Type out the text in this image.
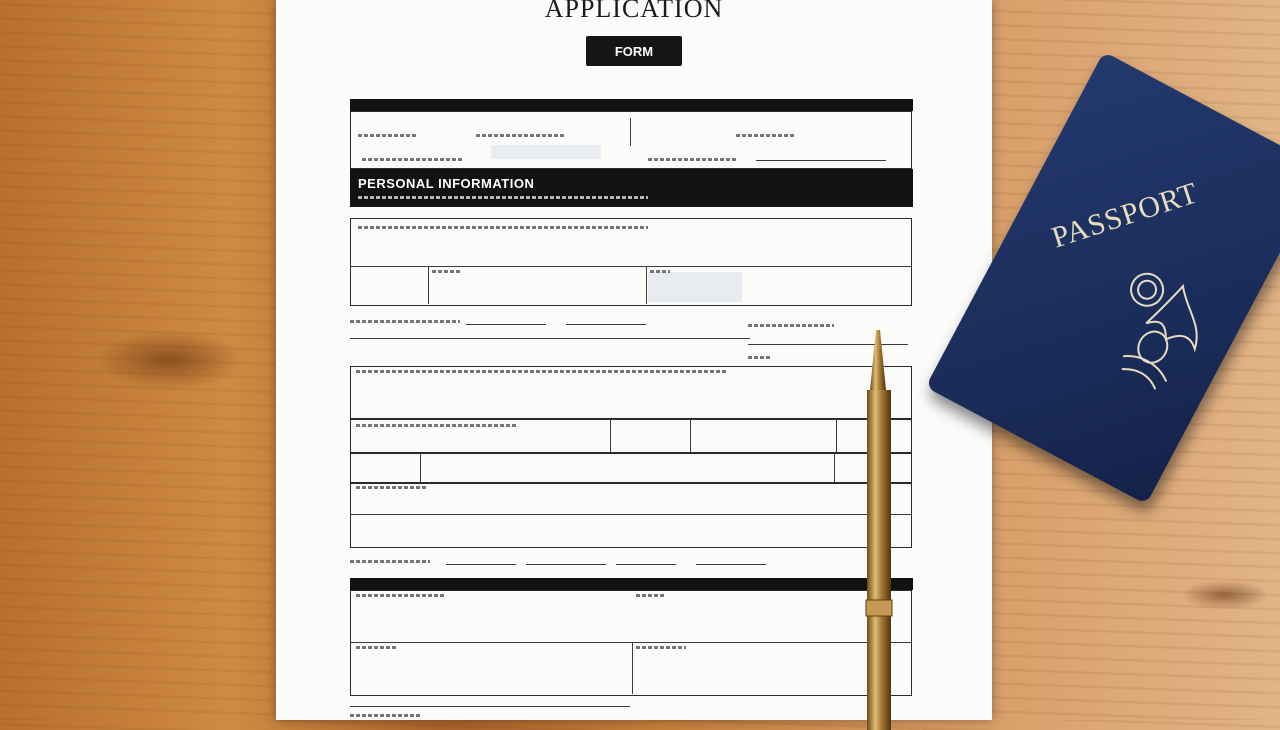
APPLICATION
FORM
PERSONAL INFORMATION	PASSPORT
